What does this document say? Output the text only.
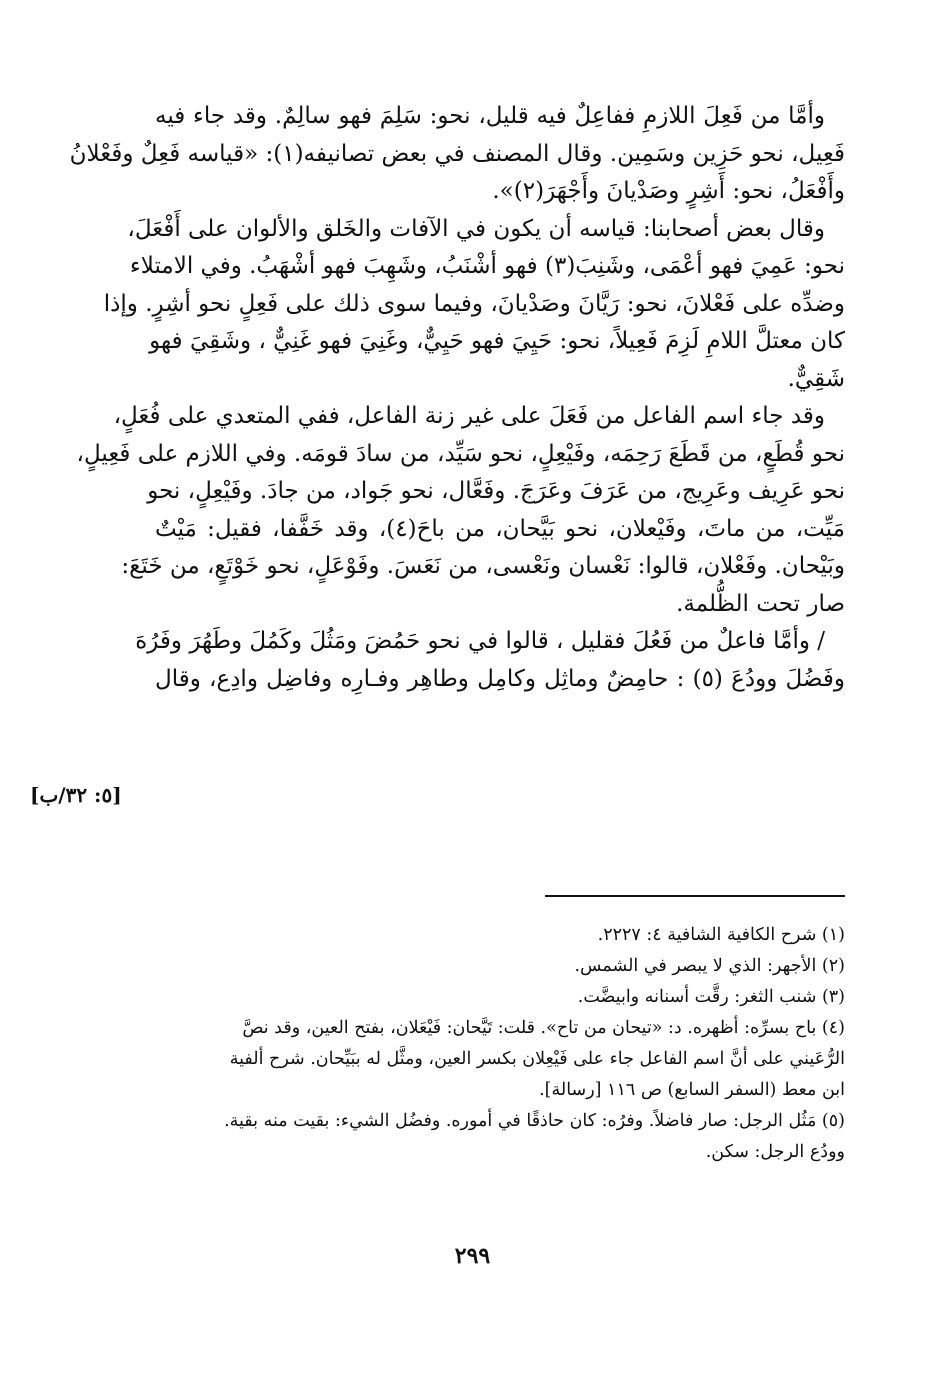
وأمَّا من فَعِلَ اللازمِ ففاعِلٌ فيه قليل، نحو: سَلِمَ فهو سالِمٌ. وقد جاء فيه
فَعِيل، نحو حَزِين وسَمِين. وقال المصنف في بعض تصانيفه(١): «قياسه فَعِلٌ وفَعْلانُ
وأَفْعَلُ، نحو: أَشِرٍ وصَدْيانَ وأَجْهَرَ(٢)».
وقال بعض أصحابنا: قياسه أن يكون في الآفات والخَلق والألوان على أَفْعَلَ،
نحو: عَمِيَ فهو أعْمَى، وشَنِبَ(٣) فهو أشْنَبُ، وشَهِبَ فهو أشْهَبُ. وفي الامتلاء
وضدِّه على فَعْلانَ، نحو: رَيَّانَ وصَدْيانَ، وفيما سوى ذلك على فَعِلٍ نحو أشِرٍ. وإذا
كان معتلَّ اللامِ لَزِمَ فَعِيلاً، نحو: حَيِيَ فهو حَيِيٌّ، وغَنِيَ فهو غَنِيٌّ ، وشَقِيَ فهو
شَقِيٌّ.
وقد جاء اسم الفاعل من فَعَلَ على غير زنة الفاعل، ففي المتعدي على فُعَلٍ،
نحو قُطَعٍ، من قَطَعَ رَحِمَه، وفَيْعِلٍ، نحو سَيِّد، من سادَ قومَه. وفي اللازم على فَعِيلٍ،
نحو عَرِيف وعَرِيج، من عَرَفَ وعَرَجَ. وفَعَّال، نحو جَواد، من جادَ. وفَيْعِلٍ، نحو
مَيِّت، من ماتَ، وفَيْعلان، نحو بَيَّحان، من باحَ(٤)، وقد خَفَّفا، فقيل: مَيْتٌ
وبَيْحان. وفَعْلان، قالوا: نَعْسان ونَعْسى، من نَعَسَ. وفَوْعَلٍ، نحو خَوْتَعٍ، من خَتَعَ:
صار تحت الظُّلمة.
/ وأمَّا فاعلٌ من فَعُلَ فقليل ، قالوا في نحو حَمُضَ ومَثُلَ وكَمُلَ وطَهُرَ وفَرُهَ
وفَضُلَ وودُعَ (٥) : حامِضٌ وماثِل وكامِل وطاهِر وفـارِه وفاضِل وادِع، وقال
[٥: ٣٢/ب]
(١) شرح الكافية الشافية ٤: ٢٢٢٧.
(٢) الأجهر: الذي لا يبصر في الشمس.
(٣) شنب الثغر: رقَّت أسنانه وابيضَّت.
(٤) باح بسرِّه: أظهره. د: «تيحان من تاح». قلت: تَيَّحان: فَيْعَلان، بفتح العين، وقد نصَّ
الرُّعَيني على أنَّ اسم الفاعل جاء على فَيْعِلان بكسر العين، ومثَّل له ببَيِّحان. شرح ألفية
ابن معط (السفر السابع) ص ١١٦ [رسالة].
(٥) مَثُل الرجل: صار فاضلاً. وفرُه: كان حاذقًا في أموره. وفضُل الشيء: بقيت منه بقية.
وودُع الرجل: سكن.
٢٩٩
